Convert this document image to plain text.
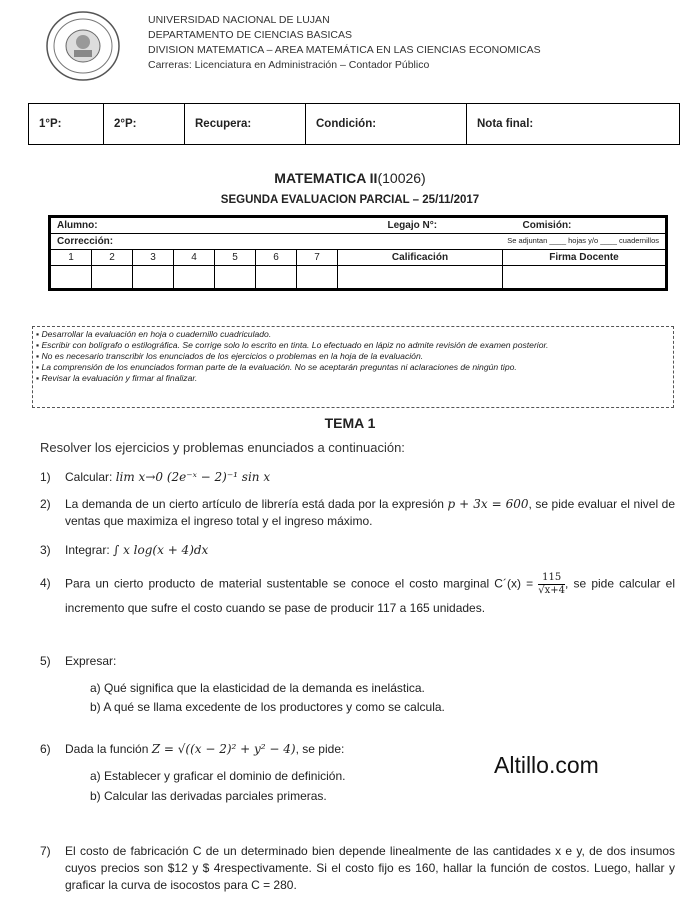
UNIVERSIDAD NACIONAL DE LUJAN
DEPARTAMENTO DE CIENCIAS BASICAS
DIVISION MATEMATICA – AREA MATEMÁTICA EN LAS CIENCIAS ECONOMICAS
Carreras: Licenciatura en Administración – Contador Público
1°P:	2°P:	Recupera:	Condición:	Nota final:
MATEMATICA II(10026)
SEGUNDA EVALUACION PARCIAL – 25/11/2017
Alumno:							Legajo N°:	Comisión:
Corrección: Se adjuntan ____ hojas y/o ____ cuadernillos								

1	2	3	4	5	6	7	Calificación	Firma Docente

▪ Desarrollar la evaluación en hoja o cuadernillo cuadriculado.
▪ Escribir con bolígrafo o estilográfica. Se corrige solo lo escrito en tinta. Lo efectuado en lápiz no admite revisión de examen posterior.
▪ No es necesario transcribir los enunciados de los ejercicios o problemas en la hoja de la evaluación.
▪ La comprensión de los enunciados forman parte de la evaluación. No se aceptarán preguntas ni aclaraciones de ningún tipo.
▪ Revisar la evaluación y firmar al finalizar.
TEMA 1
Resolver los ejercicios y problemas enunciados a continuación:
1) Calcular: lim x→0 (2e⁻ˣ − 2)⁻¹ sin x
2) La demanda de un cierto artículo de librería está dada por la expresión p + 3x = 600, se pide evaluar el nivel de ventas que maximiza el ingreso total y el ingreso máximo.
3) Integrar: ∫ x log(x + 4)dx
4) Para un cierto producto de material sustentable se conoce el costo marginal C´(x) = $\frac{115}{√x+4}$ , se pide calcular el incremento que sufre el costo cuando se pase de producir 117 a 165 unidades.
5) Expresar:
a) Qué significa que la elasticidad de la demanda es inelástica.
b) A qué se llama excedente de los productores y como se calcula.
6) Dada la función Z = √((x − 2)² + y² − 4), se pide:
a) Establecer y graficar el dominio de definición.
b) Calcular las derivadas parciales primeras.
Altillo.com
7) El costo de fabricación C de un determinado bien depende linealmente de las cantidades x e y, de dos insumos cuyos precios son $12 y $ 4respectivamente. Si el costo fijo es 160, hallar la función de costos. Luego, hallar y graficar la curva de isocostos para C = 280.
